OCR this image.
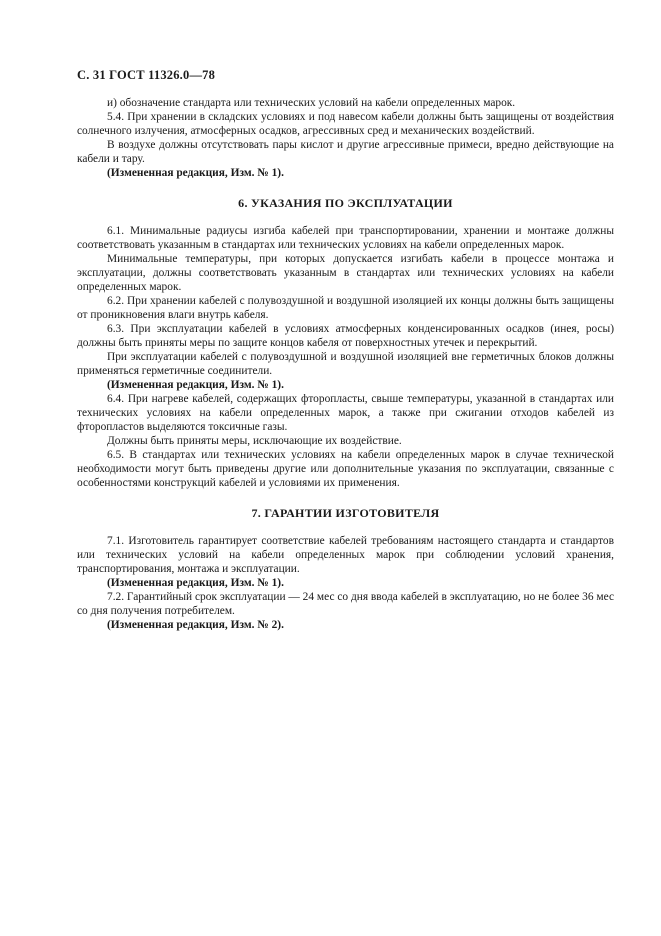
С. 31 ГОСТ 11326.0—78

и) обозначение стандарта или технических условий на кабели определенных марок.

5.4. При хранении в складских условиях и под навесом кабели должны быть защищены от воздействия солнечного излучения, атмосферных осадков, агрессивных сред и механических воздействий.

В воздухе должны отсутствовать пары кислот и другие агрессивные примеси, вредно действующие на кабели и тару.

(Измененная редакция, Изм. № 1).

6. УКАЗАНИЯ ПО ЭКСПЛУАТАЦИИ

6.1. Минимальные радиусы изгиба кабелей при транспортировании, хранении и монтаже должны соответствовать указанным в стандартах или технических условиях на кабели определенных марок.

Минимальные температуры, при которых допускается изгибать кабели в процессе монтажа и эксплуатации, должны соответствовать указанным в стандартах или технических условиях на кабели определенных марок.

6.2. При хранении кабелей с полувоздушной и воздушной изоляцией их концы должны быть защищены от проникновения влаги внутрь кабеля.

6.3. При эксплуатации кабелей в условиях атмосферных конденсированных осадков (инея, росы) должны быть приняты меры по защите концов кабеля от поверхностных утечек и перекрытий.

При эксплуатации кабелей с полувоздушной и воздушной изоляцией вне герметичных блоков должны применяться герметичные соединители.

(Измененная редакция, Изм. № 1).

6.4. При нагреве кабелей, содержащих фторопласты, свыше температуры, указанной в стандартах или технических условиях на кабели определенных марок, а также при сжигании отходов кабелей из фторопластов выделяются токсичные газы.

Должны быть приняты меры, исключающие их воздействие.

6.5. В стандартах или технических условиях на кабели определенных марок в случае технической необходимости могут быть приведены другие или дополнительные указания по эксплуатации, связанные с особенностями конструкций кабелей и условиями их применения.

7. ГАРАНТИИ ИЗГОТОВИТЕЛЯ

7.1. Изготовитель гарантирует соответствие кабелей требованиям настоящего стандарта и стандартов или технических условий на кабели определенных марок при соблюдении условий хранения, транспортирования, монтажа и эксплуатации.

(Измененная редакция, Изм. № 1).

7.2. Гарантийный срок эксплуатации — 24 мес со дня ввода кабелей в эксплуатацию, но не более 36 мес со дня получения потребителем.

(Измененная редакция, Изм. № 2).
